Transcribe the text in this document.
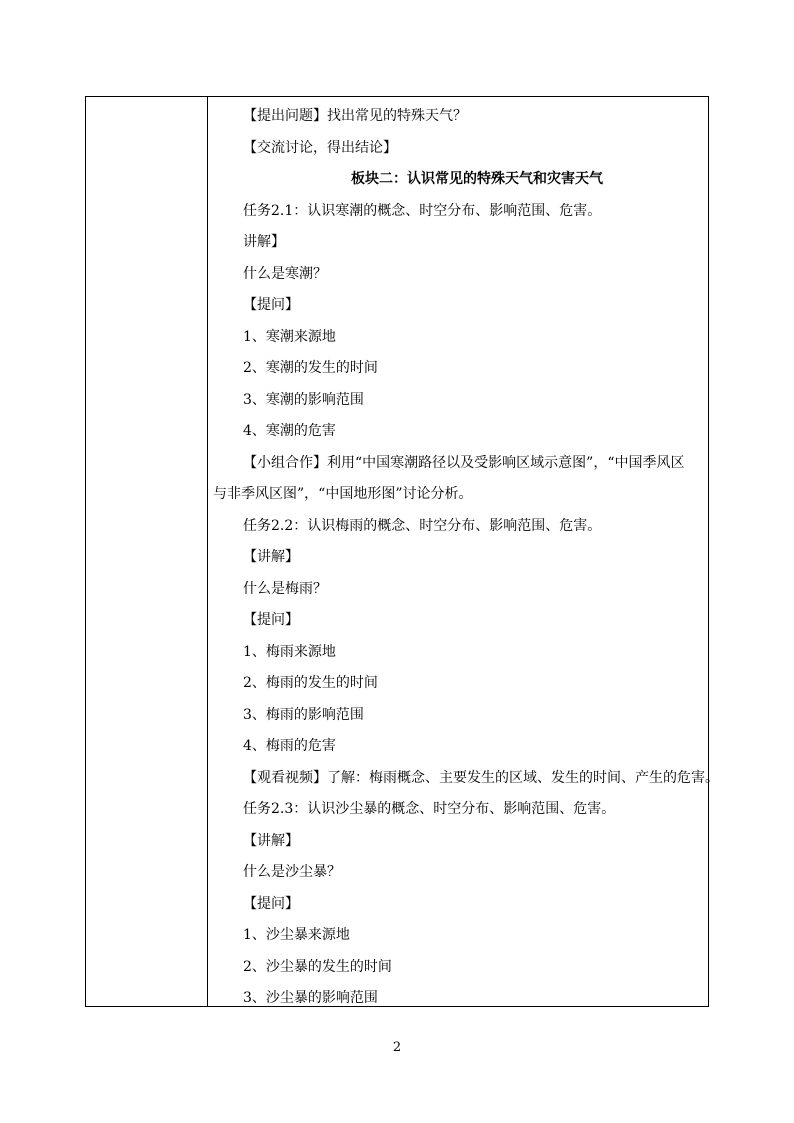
【提出问题】找出常见的特殊天气？
【交流讨论，得出结论】
板块二：认识常见的特殊天气和灾害天气
任务2.1：认识寒潮的概念、时空分布、影响范围、危害。
讲解】
什么是寒潮？
【提问】
1、寒潮来源地
2、寒潮的发生的时间
3、寒潮的影响范围
4、寒潮的危害
【小组合作】利用“中国寒潮路径以及受影响区域示意图”，“中国季风区
与非季风区图”，“中国地形图”讨论分析。
任务2.2：认识梅雨的概念、时空分布、影响范围、危害。
【讲解】
什么是梅雨？
【提问】
1、梅雨来源地
2、梅雨的发生的时间
3、梅雨的影响范围
4、梅雨的危害
【观看视频】了解：梅雨概念、主要发生的区域、发生的时间、产生的危害。
任务2.3：认识沙尘暴的概念、时空分布、影响范围、危害。
【讲解】
什么是沙尘暴？
【提问】
1、沙尘暴来源地
2、沙尘暴的发生的时间
3、沙尘暴的影响范围
2
